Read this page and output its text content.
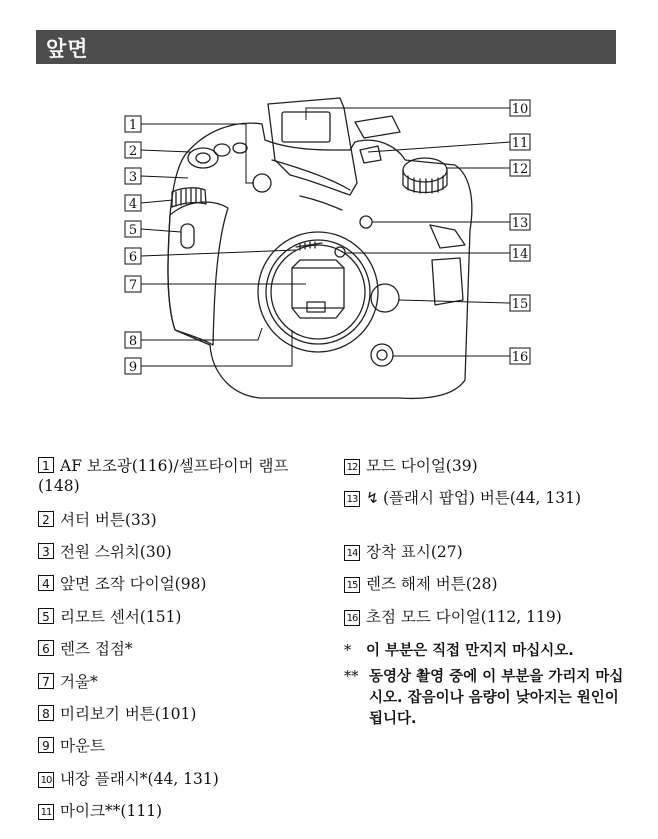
앞면
1
2
3
4
5
6
7
8
9
10
11
12
13
14
15
16
1 AF 보조광(116)/셀프타이머 램프(148)
2 셔터 버튼(33)
3 전원 스위치(30)
4 앞면 조작 다이얼(98)
5 리모트 센서(151)
6 렌즈 접점*
7 거울*
8 미리보기 버튼(101)
9 마운트
10 내장 플래시*(44, 131)
11 마이크**(111)
12 모드 다이얼(39)
13 ↯ (플래시 팝업) 버튼(44, 131)
14 장착 표시(27)
15 렌즈 해제 버튼(28)
16 초점 모드 다이얼(112, 119)
*	이 부분은 직접 만지지 마십시오.
** 동영상 촬영 중에 이 부분을 가리지 마십시오. 잡음이나 음량이 낮아지는 원인이 됩니다.
